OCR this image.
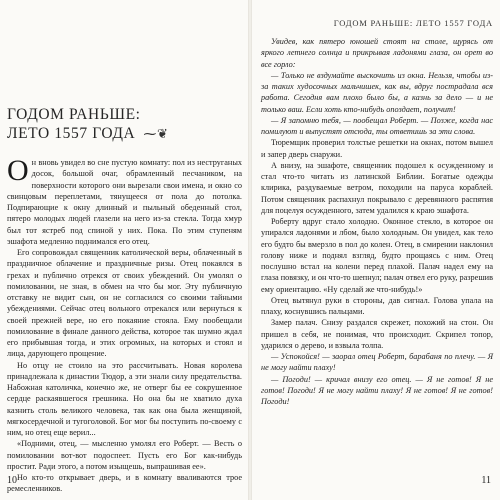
ГОДОМ РАНЬШЕ:
ЛЕТО 1557 ГОДА ⁓❦

Он вновь увидел во сне пустую комнату: пол из неструганых досок, большой очаг, обрамленный песчаником, на поверхности которого они вырезали свои имена, и окно со свинцовым переплетами, тянущееся от пола до потолка. Подпирающие к окну длинный и пыльный обеденный стол, пятеро молодых людей глазели на него из-за стекла. Тогда хмур был тот ястреб под спиной у них. Пока. По этим ступеням эшафота медленно поднимался его отец.

Его сопровождал священник католической веры, облаченный в праздничное облачение и праздничные ризы. Отец покаялся в грехах и публично отрекся от своих убеждений. Он умолял о помиловании, не зная, в обмен на что бы мог. Эту публичную отставку не видит сын, он не согласился со своими тайными убеждениями. Сейчас отец вольного отрекался или вернуться к своей прежней вере, но его покаяние стояла. Ему пообещали помилование в финале данного действа, которое так шумно ждал его прибывшая тогда, и этих огромных, на которых и стоял и лица, дарующего прощение.

Но отцу не стоило на это рассчитывать. Новая королева принадлежала к династии Тюдор, а эти знали силу предательства. Набожная католичка, конечно же, не отверг бы ее сокрушенное сердце раскаявшегося грешника. Но она бы не хватило духа казнить столь великого человека, так как она была женщиной, мягкосердечной и тугоголовой. Бог мог бы поступить по-своему с ним, но отец еще верил...

«Подними, отец, — мысленно умолял его Роберт. — Весть о помиловании вот-вот подоспеет. Пусть его Бог как-нибудь простит. Ради этого, а потом изыщешь, выпрашивая ее».

Но кто-то открывает дверь, и в комнату вваливаются трое ремесленников.

10
ГОДОМ РАНЬШЕ: ЛЕТО 1557 ГОДА

Увидев, как пятеро юношей стоят на столе, щурясь от яркого летнего солнца и прикрывая ладонями глаза, он орет во все горло:

— Только не вздумайте выскочить из окна. Нельзя, чтобы из-за таких худосочных мальчишек, как вы, вдруг пострадала вся работа. Сегодня вам плохо было бы, а казнь за дело — и не только ваш. Если хоть кто-нибудь опоздает, получит!

— Я запомню тебя, — пообещал Роберт. — Позже, когда нас помилуют и выпустят отсюда, ты ответишь за эти слова.

Тюремщик проверил толстые решетки на окнах, потом вышел и запер дверь снаружи.

А внизу, на эшафоте, священник подошел к осужденному и стал что-то читать из латинской Библии. Богатые одежды клирика, раздуваемые ветром, походили на паруса кораблей. Потом священник распахнул покрывало с деревянного распятия для поцелуя осужденного, затем удалился к краю эшафота.

Роберту вдруг стало холодно. Оконное стекло, в которое он упирался ладонями и лбом, было холодным. Он увидел, как тело его будто бы вмерзло в пол до колен. Отец, в смирении наклонил голову ниже и поднял взгляд, будто прощаясь с ним. Отец послушно встал на колени перед плахой. Палач надел ему на глаза повязку, и он что-то шепнул; палач отвел его руку, разрешив ему ориентацию. «Ну сделай же что-нибудь!»

Отец вытянул руки в стороны, дав сигнал. Голова упала на плаху, коснувшись пальцами.

Замер палач. Снизу раздался скрежет, похожий на стон. Он пришел в себя, не понимая, что происходит. Скрипел топор, ударился о дерево, и взвыла толпа.

— Успокойся! — заорал отец Роберт, барабаня по плечу. — Я не могу найти плаху!

— Погоди! — кричал внизу его отец. — Я не готов! Я не готов! Погоди! Я не могу найти плаху! Я не готов! Я не готов! Погоди!

11
